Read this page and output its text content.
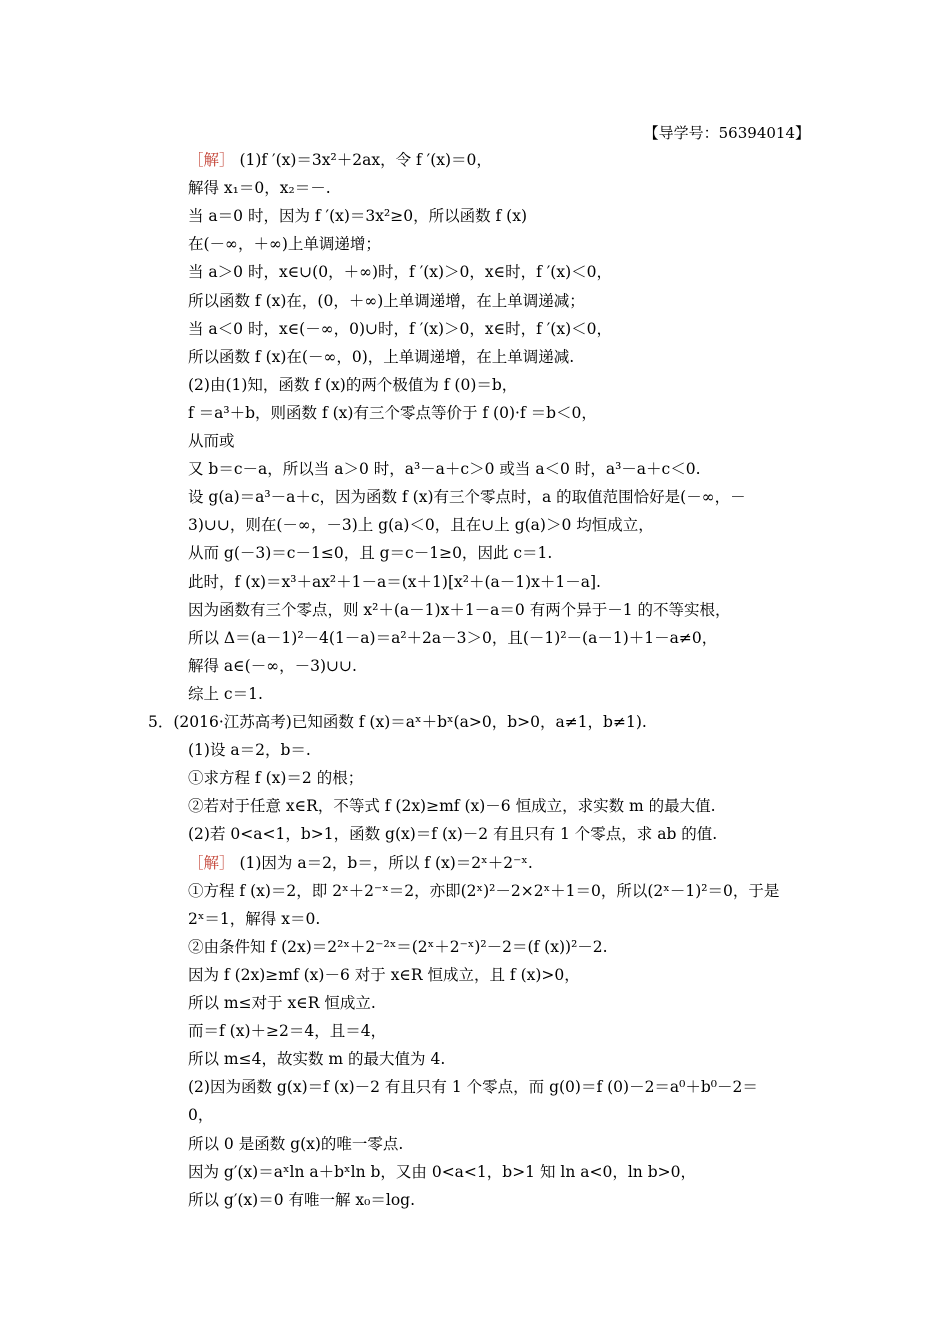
【导学号：56394014】
［解］ (1)f ′(x)＝3x²＋2ax，令 f ′(x)＝0，
解得 x₁＝0，x₂＝－.
当 a＝0 时，因为 f ′(x)＝3x²≥0，所以函数 f (x)
在(－∞，＋∞)上单调递增；
当 a＞0 时，x∈∪(0，＋∞)时，f ′(x)＞0，x∈时，f ′(x)＜0，
所以函数 f (x)在，(0，＋∞)上单调递增，在上单调递减；
当 a＜0 时，x∈(－∞，0)∪时，f ′(x)＞0，x∈时，f ′(x)＜0，
所以函数 f (x)在(－∞，0)，上单调递增，在上单调递减.
(2)由(1)知，函数 f (x)的两个极值为 f (0)＝b，
f ＝a³＋b，则函数 f (x)有三个零点等价于 f (0)·f ＝b＜0，
从而或
又 b＝c－a，所以当 a＞0 时，a³－a＋c＞0 或当 a＜0 时，a³－a＋c＜0.
设 g(a)＝a³－a＋c，因为函数 f (x)有三个零点时，a 的取值范围恰好是(－∞，－
3)∪∪，则在(－∞，－3)上 g(a)＜0，且在∪上 g(a)＞0 均恒成立，
从而 g(－3)＝c－1≤0，且 g＝c－1≥0，因此 c＝1.
此时，f (x)＝x³＋ax²＋1－a＝(x＋1)[x²＋(a－1)x＋1－a].
因为函数有三个零点，则 x²＋(a－1)x＋1－a＝0 有两个异于－1 的不等实根，
所以 Δ＝(a－1)²－4(1－a)＝a²＋2a－3＞0，且(－1)²－(a－1)＋1－a≠0，
解得 a∈(－∞，－3)∪∪.
综上 c＝1.
5．(2016·江苏高考)已知函数 f (x)＝aˣ＋bˣ(a>0，b>0，a≠1，b≠1).
(1)设 a＝2，b＝.
①求方程 f (x)＝2 的根；
②若对于任意 x∈R，不等式 f (2x)≥mf (x)－6 恒成立，求实数 m 的最大值.
(2)若 0<a<1，b>1，函数 g(x)＝f (x)－2 有且只有 1 个零点，求 ab 的值.
［解］ (1)因为 a＝2，b＝，所以 f (x)＝2ˣ＋2⁻ˣ.
①方程 f (x)＝2，即 2ˣ＋2⁻ˣ＝2，亦即(2ˣ)²－2×2ˣ＋1＝0，所以(2ˣ－1)²＝0，于是
2ˣ＝1，解得 x＝0.
②由条件知 f (2x)＝2²ˣ＋2⁻²ˣ＝(2ˣ＋2⁻ˣ)²－2＝(f (x))²－2.
因为 f (2x)≥mf (x)－6 对于 x∈R 恒成立，且 f (x)>0，
所以 m≤对于 x∈R 恒成立.
而＝f (x)＋≥2＝4，且＝4，
所以 m≤4，故实数 m 的最大值为 4.
(2)因为函数 g(x)＝f (x)－2 有且只有 1 个零点，而 g(0)＝f (0)－2＝a⁰＋b⁰－2＝
0，
所以 0 是函数 g(x)的唯一零点.
因为 g′(x)＝aˣln a＋bˣln b，又由 0<a<1，b>1 知 ln a<0，ln b>0，
所以 g′(x)＝0 有唯一解 x₀＝log.
